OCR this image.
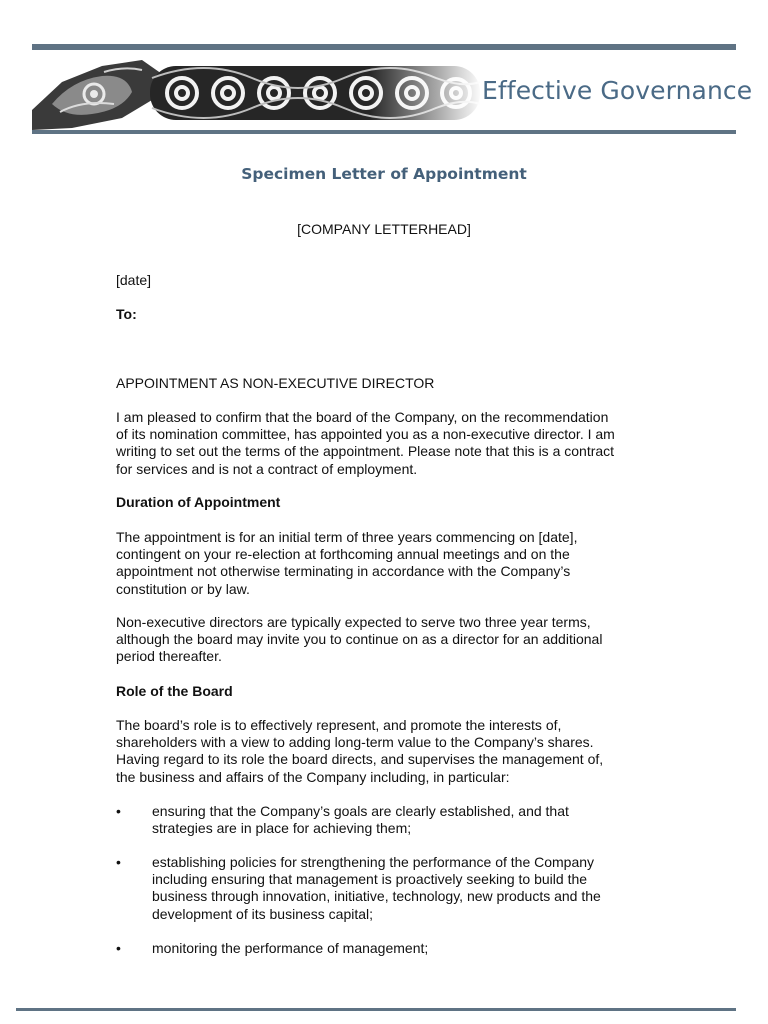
Effective Governance
Specimen Letter of Appointment
[COMPANY LETTERHEAD]
[date]
To:
APPOINTMENT AS NON-EXECUTIVE DIRECTOR
I am pleased to confirm that the board of the Company, on the recommendation
of its nomination committee, has appointed you as a non-executive director. I am
writing to set out the terms of the appointment. Please note that this is a contract
for services and is not a contract of employment.
Duration of Appointment
The appointment is for an initial term of three years commencing on [date],
contingent on your re-election at forthcoming annual meetings and on the
appointment not otherwise terminating in accordance with the Company’s
constitution or by law.
Non-executive directors are typically expected to serve two three year terms,
although the board may invite you to continue on as a director for an additional
period thereafter.
Role of the Board
The board’s role is to effectively represent, and promote the interests of,
shareholders with a view to adding long-term value to the Company’s shares.
Having regard to its role the board directs, and supervises the management of,
the business and affairs of the Company including, in particular:
• ensuring that the Company’s goals are clearly established, and that
strategies are in place for achieving them;
• establishing policies for strengthening the performance of the Company
including ensuring that management is proactively seeking to build the
business through innovation, initiative, technology, new products and the
development of its business capital;
• monitoring the performance of management;
